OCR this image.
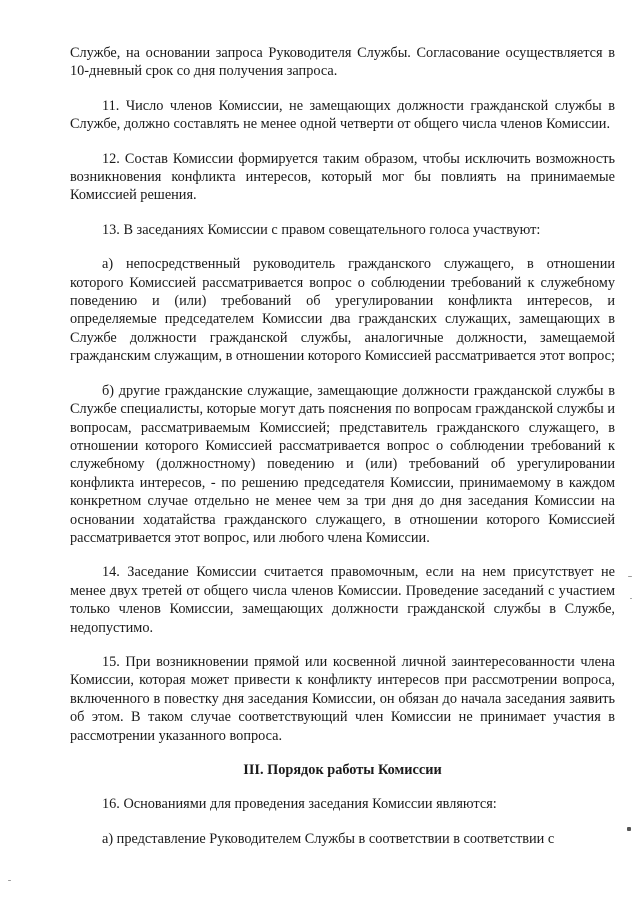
Службе, на основании запроса Руководителя Службы. Согласование осуществляется в 10-дневный срок со дня получения запроса.

11. Число членов Комиссии, не замещающих должности гражданской службы в Службе, должно составлять не менее одной четверти от общего числа членов Комиссии.

12. Состав Комиссии формируется таким образом, чтобы исключить возможность возникновения конфликта интересов, который мог бы повлиять на принимаемые Комиссией решения.

13. В заседаниях Комиссии с правом совещательного голоса участвуют:

а) непосредственный руководитель гражданского служащего, в отношении которого Комиссией рассматривается вопрос о соблюдении требований к служебному поведению и (или) требований об урегулировании конфликта интересов, и определяемые председателем Комиссии два гражданских служащих, замещающих в Службе должности гражданской службы, аналогичные должности, замещаемой гражданским служащим, в отношении которого Комиссией рассматривается этот вопрос;

б) другие гражданские служащие, замещающие должности гражданской службы в Службе специалисты, которые могут дать пояснения по вопросам гражданской службы и вопросам, рассматриваемым Комиссией; представитель гражданского служащего, в отношении которого Комиссией рассматривается вопрос о соблюдении требований к служебному (должностному) поведению и (или) требований об урегулировании конфликта интересов, - по решению председателя Комиссии, принимаемому в каждом конкретном случае отдельно не менее чем за три дня до дня заседания Комиссии на основании ходатайства гражданского служащего, в отношении которого Комиссией рассматривается этот вопрос, или любого члена Комиссии.

14. Заседание Комиссии считается правомочным, если на нем присутствует не менее двух третей от общего числа членов Комиссии. Проведение заседаний с участием только членов Комиссии, замещающих должности гражданской службы в Службе, недопустимо.

15. При возникновении прямой или косвенной личной заинтересованности члена Комиссии, которая может привести к конфликту интересов при рассмотрении вопроса, включенного в повестку дня заседания Комиссии, он обязан до начала заседания заявить об этом. В таком случае соответствующий член Комиссии не принимает участия в рассмотрении указанного вопроса.

III. Порядок работы Комиссии

16. Основаниями для проведения заседания Комиссии являются:

а) представление Руководителем Службы в соответствии в соответствии с
